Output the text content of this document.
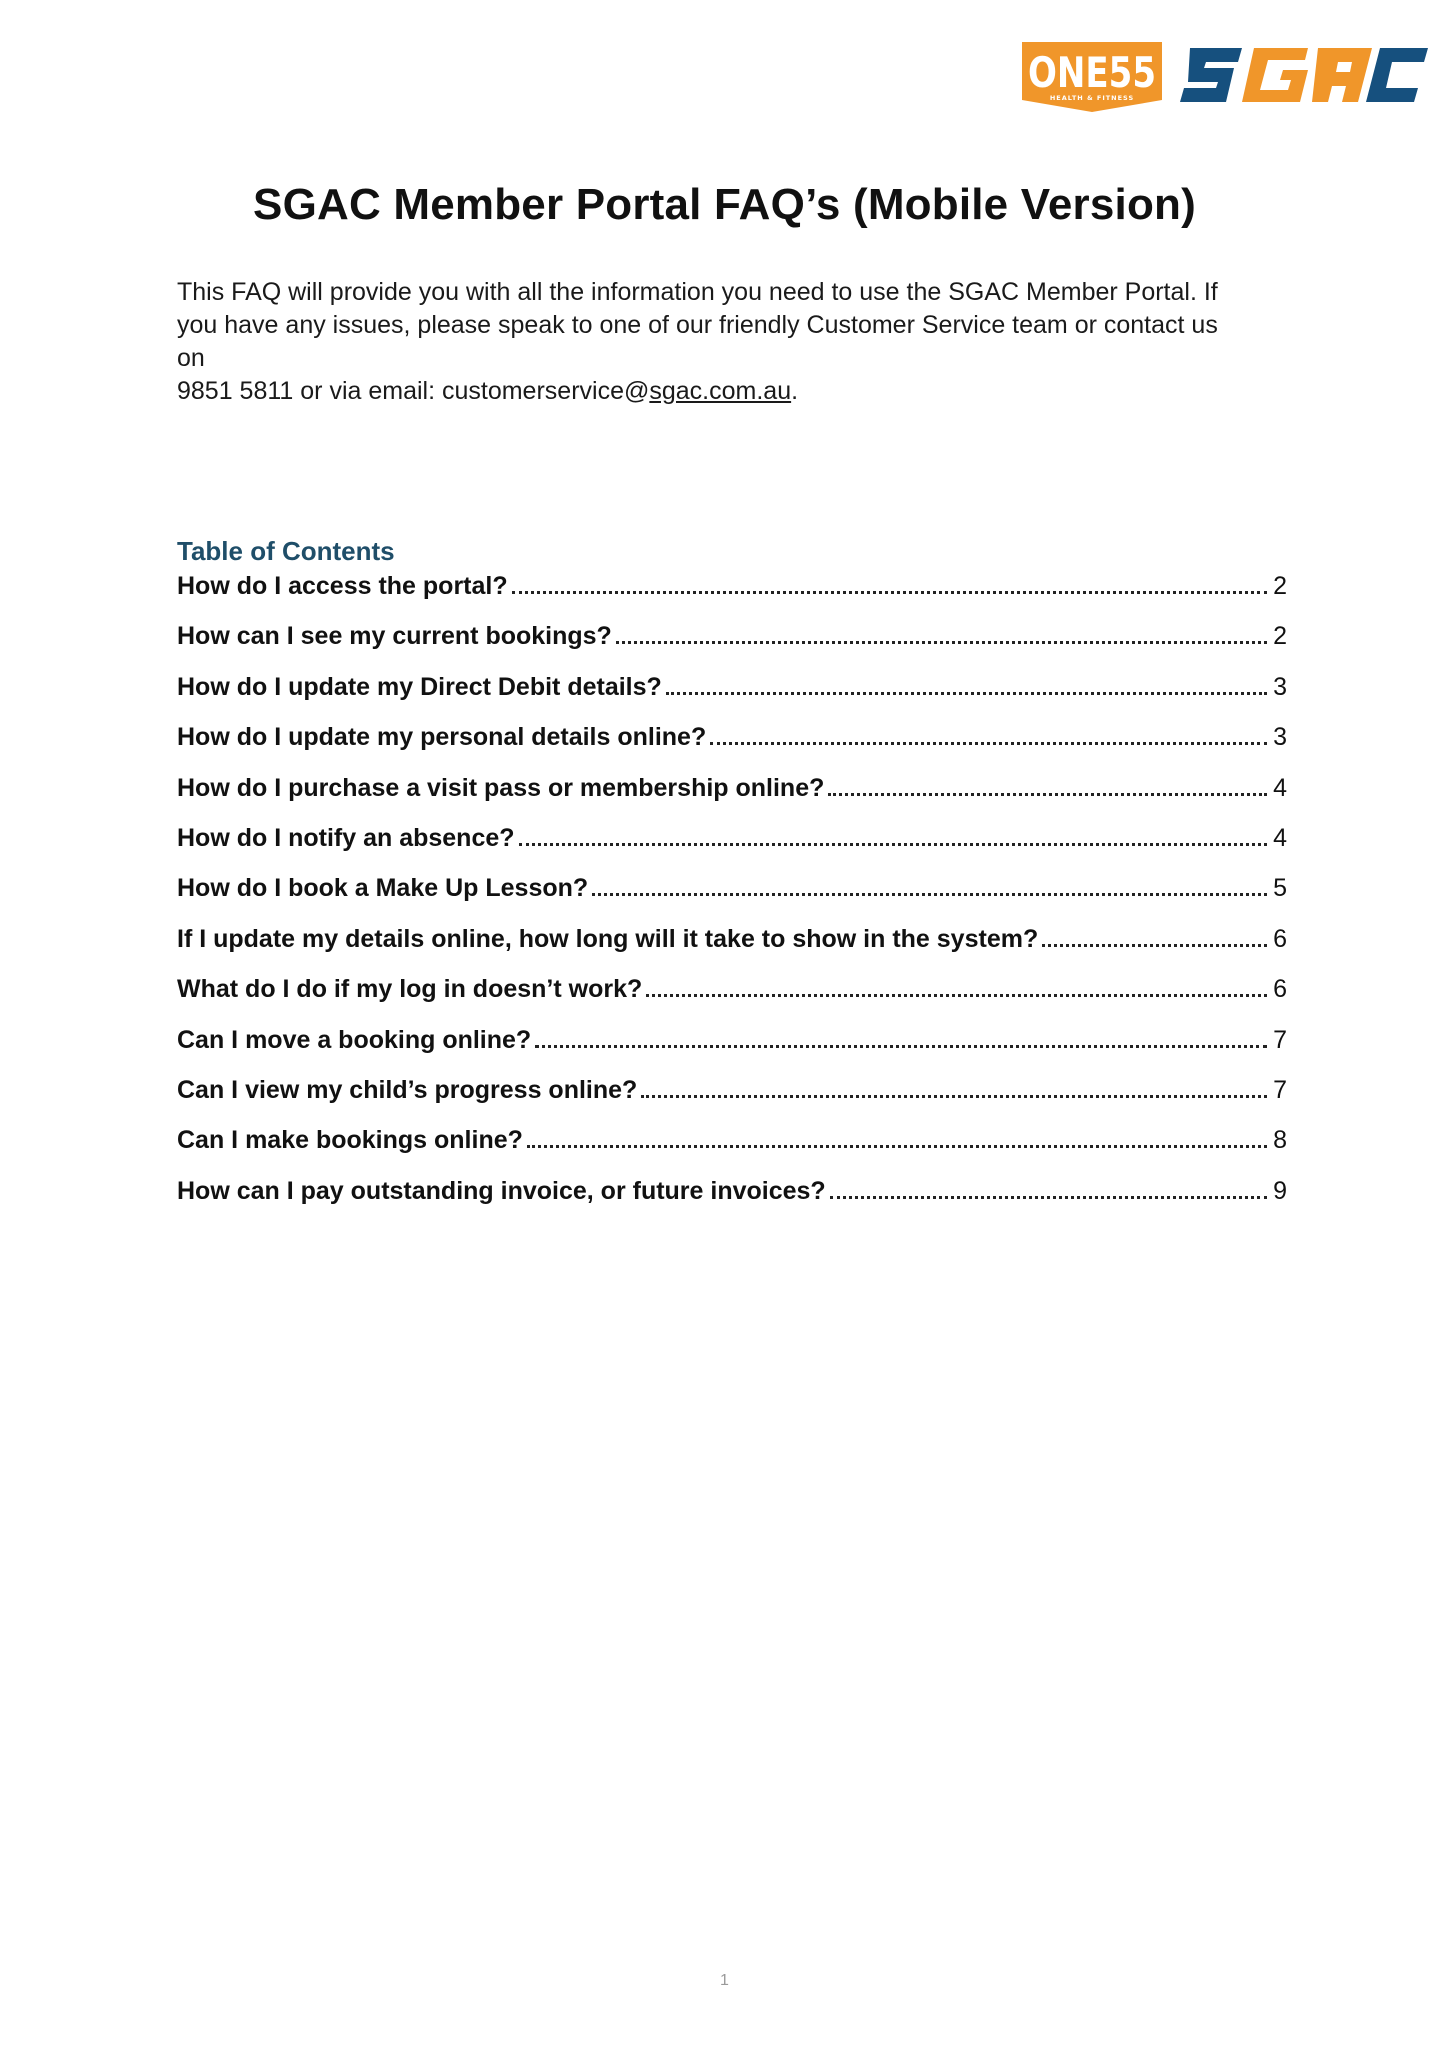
ONE55
HEALTH & FITNESS
SGAC Member Portal FAQ’s (Mobile Version)
This FAQ will provide you with all the information you need to use the SGAC Member Portal. If
you have any issues, please speak to one of our friendly Customer Service team or contact us
on
9851 5811 or via email: customerservice@sgac.com.au.
Table of Contents
How do I access the portal?	2
How can I see my current bookings?	2
How do I update my Direct Debit details?	3
How do I update my personal details online?	3
How do I purchase a visit pass or membership online?	4
How do I notify an absence?	4
How do I book a Make Up Lesson?	5
If I update my details online, how long will it take to show in the system?	6
What do I do if my log in doesn’t work?	6
Can I move a booking online?	7
Can I view my child’s progress online?	7
Can I make bookings online?	8
How can I pay outstanding invoice, or future invoices?	9
1
